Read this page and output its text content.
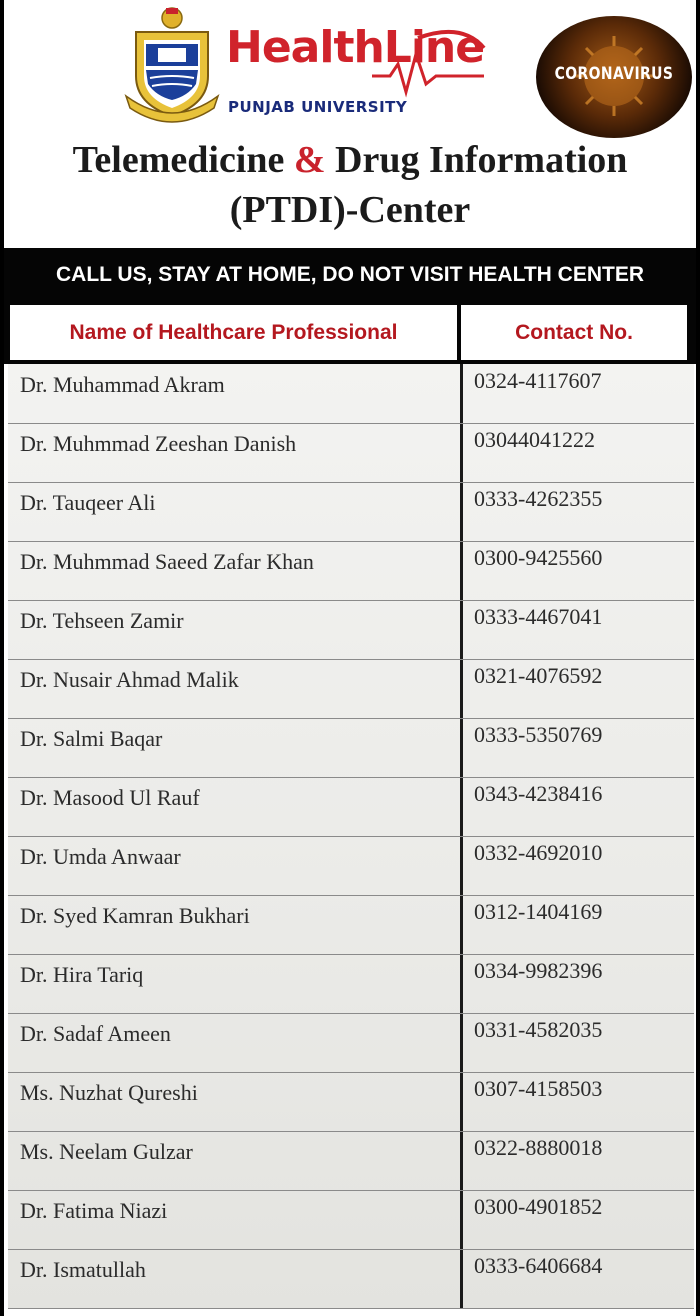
HealthLine
PUNJAB UNIVERSITY
CORONAVIRUS
Telemedicine & Drug Information
(PTDI)-Center
CALL US, STAY AT HOME, DO NOT VISIT HEALTH CENTER
Name of Healthcare Professional	Contact No.
Dr. Muhammad Akram	0324-4117607
Dr. Muhmmad Zeeshan Danish	03044041222
Dr. Tauqeer Ali	0333-4262355
Dr. Muhmmad Saeed Zafar Khan	0300-9425560
Dr. Tehseen Zamir	0333-4467041
Dr. Nusair Ahmad Malik	0321-4076592
Dr. Salmi Baqar	0333-5350769
Dr. Masood Ul Rauf	0343-4238416
Dr. Umda Anwaar	0332-4692010
Dr. Syed Kamran Bukhari	0312-1404169
Dr. Hira Tariq	0334-9982396
Dr. Sadaf Ameen	0331-4582035
Ms. Nuzhat Qureshi	0307-4158503
Ms. Neelam Gulzar	0322-8880018
Dr. Fatima Niazi	0300-4901852
Dr. Ismatullah	0333-6406684
